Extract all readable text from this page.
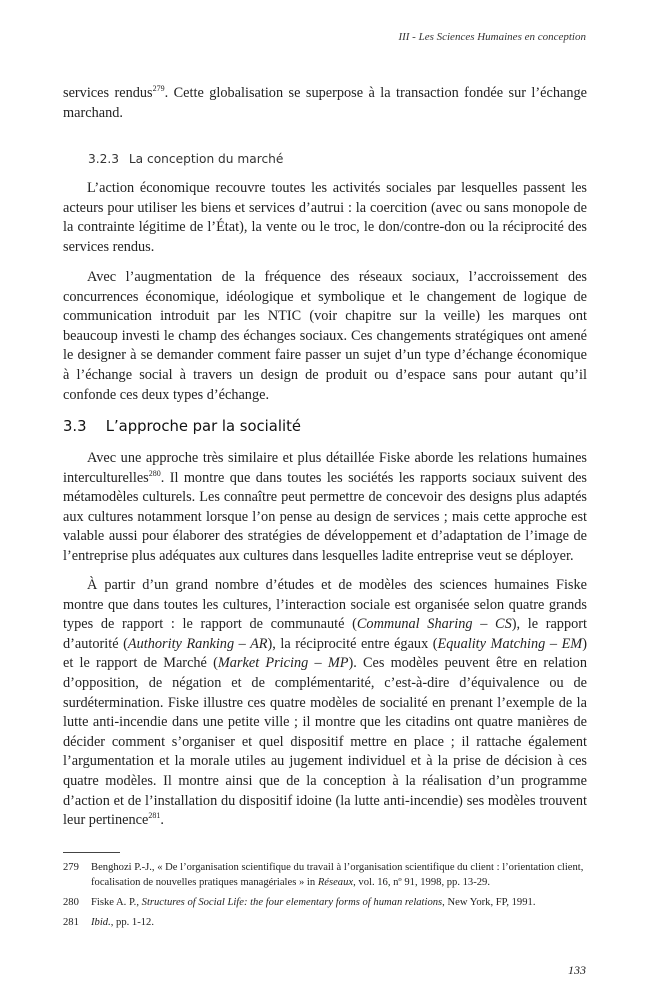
III - Les Sciences Humaines en conception

services rendus$^{279}$. Cette globalisation se superpose à la transaction fondée sur l’échange marchand.

3.2.3 La conception du marché

L’action économique recouvre toutes les activités sociales par lesquelles passent les acteurs pour utiliser les biens et services d’autrui : la coercition (avec ou sans monopole de la contrainte légitime de l’État), la vente ou le troc, le don/contre-don ou la réciprocité des services rendus.

Avec l’augmentation de la fréquence des réseaux sociaux, l’accroissement des concurrences économique, idéologique et symbolique et le changement de logique de communication introduit par les NTIC (voir chapitre sur la veille) les marques ont beaucoup investi le champ des échanges sociaux. Ces changements stratégiques ont amené le designer à se demander comment faire passer un sujet d’un type d’échange économique à l’échange social à travers un design de produit ou d’espace sans pour autant qu’il confonde ces deux types d’échange.

3.3 L’approche par la socialité

Avec une approche très similaire et plus détaillée Fiske aborde les relations humaines interculturelles$^{280}$. Il montre que dans toutes les sociétés les rapports sociaux suivent des métamodèles culturels. Les connaître peut permettre de concevoir des designs plus adaptés aux cultures notamment lorsque l’on pense au design de services ; mais cette approche est valable aussi pour élaborer des stratégies de développement et d’adaptation de l’image de l’entreprise plus adéquates aux cultures dans lesquelles ladite entreprise veut se déployer.

À partir d’un grand nombre d’études et de modèles des sciences humaines Fiske montre que dans toutes les cultures, l’interaction sociale est organisée selon quatre grands types de rapport : le rapport de communauté (Communal Sharing – CS), le rapport d’autorité (Authority Ranking – AR), la réciprocité entre égaux (Equality Matching – EM) et le rapport de Marché (Market Pricing – MP). Ces modèles peuvent être en relation d’opposition, de négation et de complémentarité, c’est-à-dire d’équivalence ou de surdétermination. Fiske illustre ces quatre modèles de socialité en prenant l’exemple de la lutte anti-incendie dans une petite ville ; il montre que les citadins ont quatre manières de décider comment s’organiser et quel dispositif mettre en place ; il rattache également l’argumentation et la morale utiles au jugement individuel et à la prise de décision à ces quatre modèles. Il montre ainsi que de la conception à la réalisation d’un programme d’action et de l’installation du dispositif idoine (la lutte anti-incendie) ses modèles trouvent leur pertinence$^{281}$.

279	Benghozi P.-J., « De l’organisation scientifique du travail à l’organisation scientifique du client : l’orientation client, focalisation de nouvelles pratiques managériales » in Réseaux, vol. 16, nº 91, 1998, pp. 13-29.
280	Fiske A. P., Structures of Social Life: the four elementary forms of human relations, New York, FP, 1991.
281	Ibid., pp. 1-12.
133
